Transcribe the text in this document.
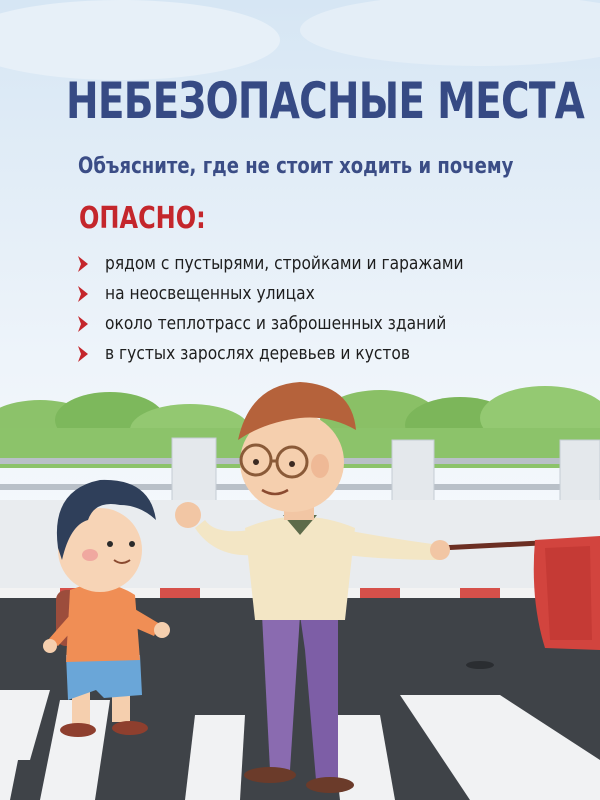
НЕБЕЗОПАСНЫЕ МЕСТА
Объясните, где не стоит ходить и почему
ОПАСНО:
рядом с пустырями, стройками и гаражами
на неосвещенных улицах
около теплотрасс и заброшенных зданий
в густых зарослях деревьев и кустов
